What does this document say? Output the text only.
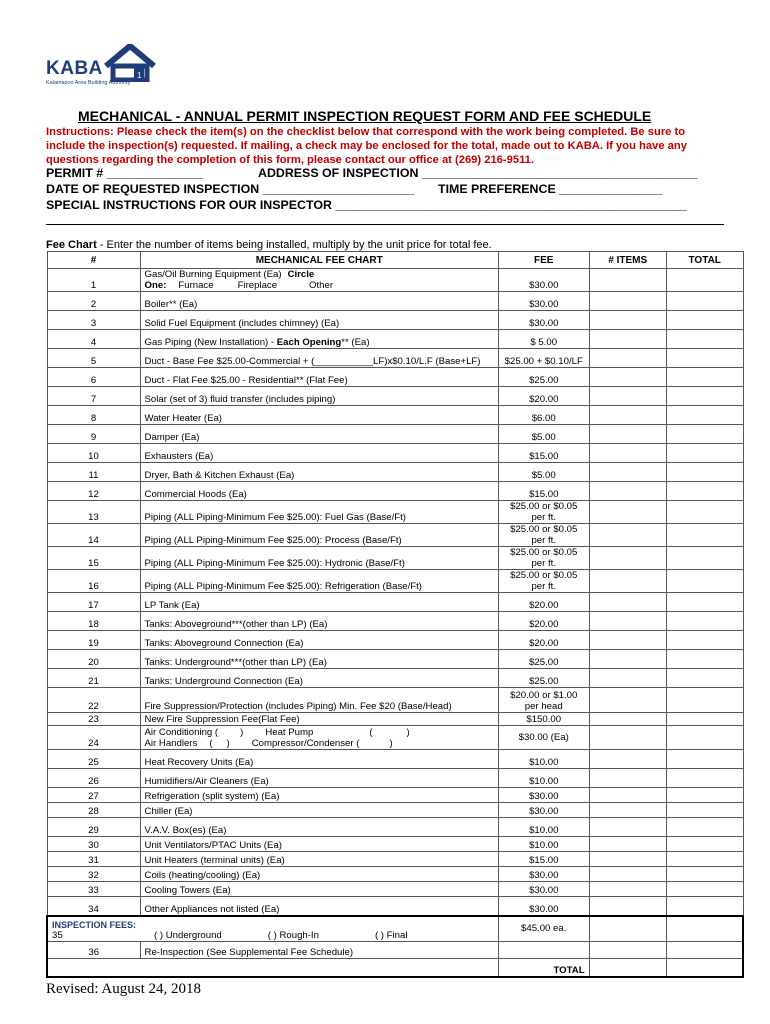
KABA	1
Kalamazoo Area Building Authority
MECHANICAL - ANNUAL PERMIT INSPECTION REQUEST FORM AND FEE SCHEDULE
Instructions: Please check the item(s) on the checklist below that correspond with the work being completed. Be sure to include the inspection(s) requested. If mailing, a check may be enclosed for the total, made out to KABA. If you have any questions regarding the completion of this form, please contact our office at (269) 216-9511.
PERMIT # ______________	ADDRESS OF INSPECTION ________________________________________
DATE OF REQUESTED INSPECTION ______________________ TIME PREFERENCE _______________
SPECIAL INSTRUCTIONS FOR OUR INSPECTOR ___________________________________________________
Fee Chart - Enter the number of items being installed, multiply by the unit price for total fee.
#	MECHANICAL FEE CHART	FEE	# ITEMS	TOTAL
1	Gas/Oil Burning Equipment (Ea) Circle One: Furnace Fireplace Other	$30.00		
2	Boiler** (Ea)	$30.00		
3	Solid Fuel Equipment (includes chimney) (Ea)	$30.00		
4	Gas Piping (New Installation) - Each Opening** (Ea)	$ 5.00		
5	Duct - Base Fee $25.00-Commercial + (___________LF)x$0.10/L.F (Base+LF)	$25.00 + $0.10/LF		
6	Duct - Flat Fee $25.00 - Residential** (Flat Fee)	$25.00		
7	Solar (set of 3) fluid transfer (includes piping)	$20.00		
8	Water Heater (Ea)	$6.00		
9	Damper (Ea)	$5.00		
10	Exhausters (Ea)	$15.00		
11	Dryer, Bath & Kitchen Exhaust (Ea)	$5.00		
12	Commercial Hoods (Ea)	$15.00		
13	Piping (ALL Piping-Minimum Fee $25.00): Fuel Gas (Base/Ft)	$25.00 or $0.05 per ft.		
14	Piping (ALL Piping-Minimum Fee $25.00): Process (Base/Ft)	$25.00 or $0.05 per ft.		
15	Piping (ALL Piping-Minimum Fee $25.00): Hydronic (Base/Ft)	$25.00 or $0.05 per ft.		
16	Piping (ALL Piping-Minimum Fee $25.00): Refrigeration (Base/Ft)	$25.00 or $0.05 per ft.		
17	LP Tank (Ea)	$20.00		
18	Tanks: Aboveground***(other than LP) (Ea)	$20.00		
19	Tanks: Aboveground Connection (Ea)	$20.00		
20	Tanks: Underground***(other than LP) (Ea)	$25.00		
21	Tanks: Underground Connection (Ea)	$25.00		
22	Fire Suppression/Protection (includes Piping) Min. Fee $20 (Base/Head)	$20.00 or $1.00 per head		
23	New Fire Suppression Fee(Flat Fee)	$150.00		
24	Air Conditioning ( ) Heat Pump ( )
Air Handlers ( ) Compressor/Condenser ( )	$30.00 (Ea)		
25	Heat Recovery Units (Ea)	$10.00		
26	Humidifiers/Air Cleaners (Ea)	$10.00		
27	Refrigeration (split system) (Ea)	$30.00		
28	Chiller (Ea)	$30.00		
29	V.A.V. Box(es) (Ea)	$10.00		
30	Unit Ventilators/PTAC Units (Ea)	$10.00		
31	Unit Heaters (terminal units) (Ea)	$15.00		
32	Coils (heating/cooling) (Ea)	$30.00		
33	Cooling Towers (Ea)	$30.00		
34	Other Appliances not listed (Ea)	$30.00		

INSPECTION FEES:
35	( ) Underground ( ) Rough-In ( ) Final	$45.00 ea.		
36	Re-Inspection (See Supplemental Fee Schedule)			
		TOTAL		
Revised: August 24, 2018
